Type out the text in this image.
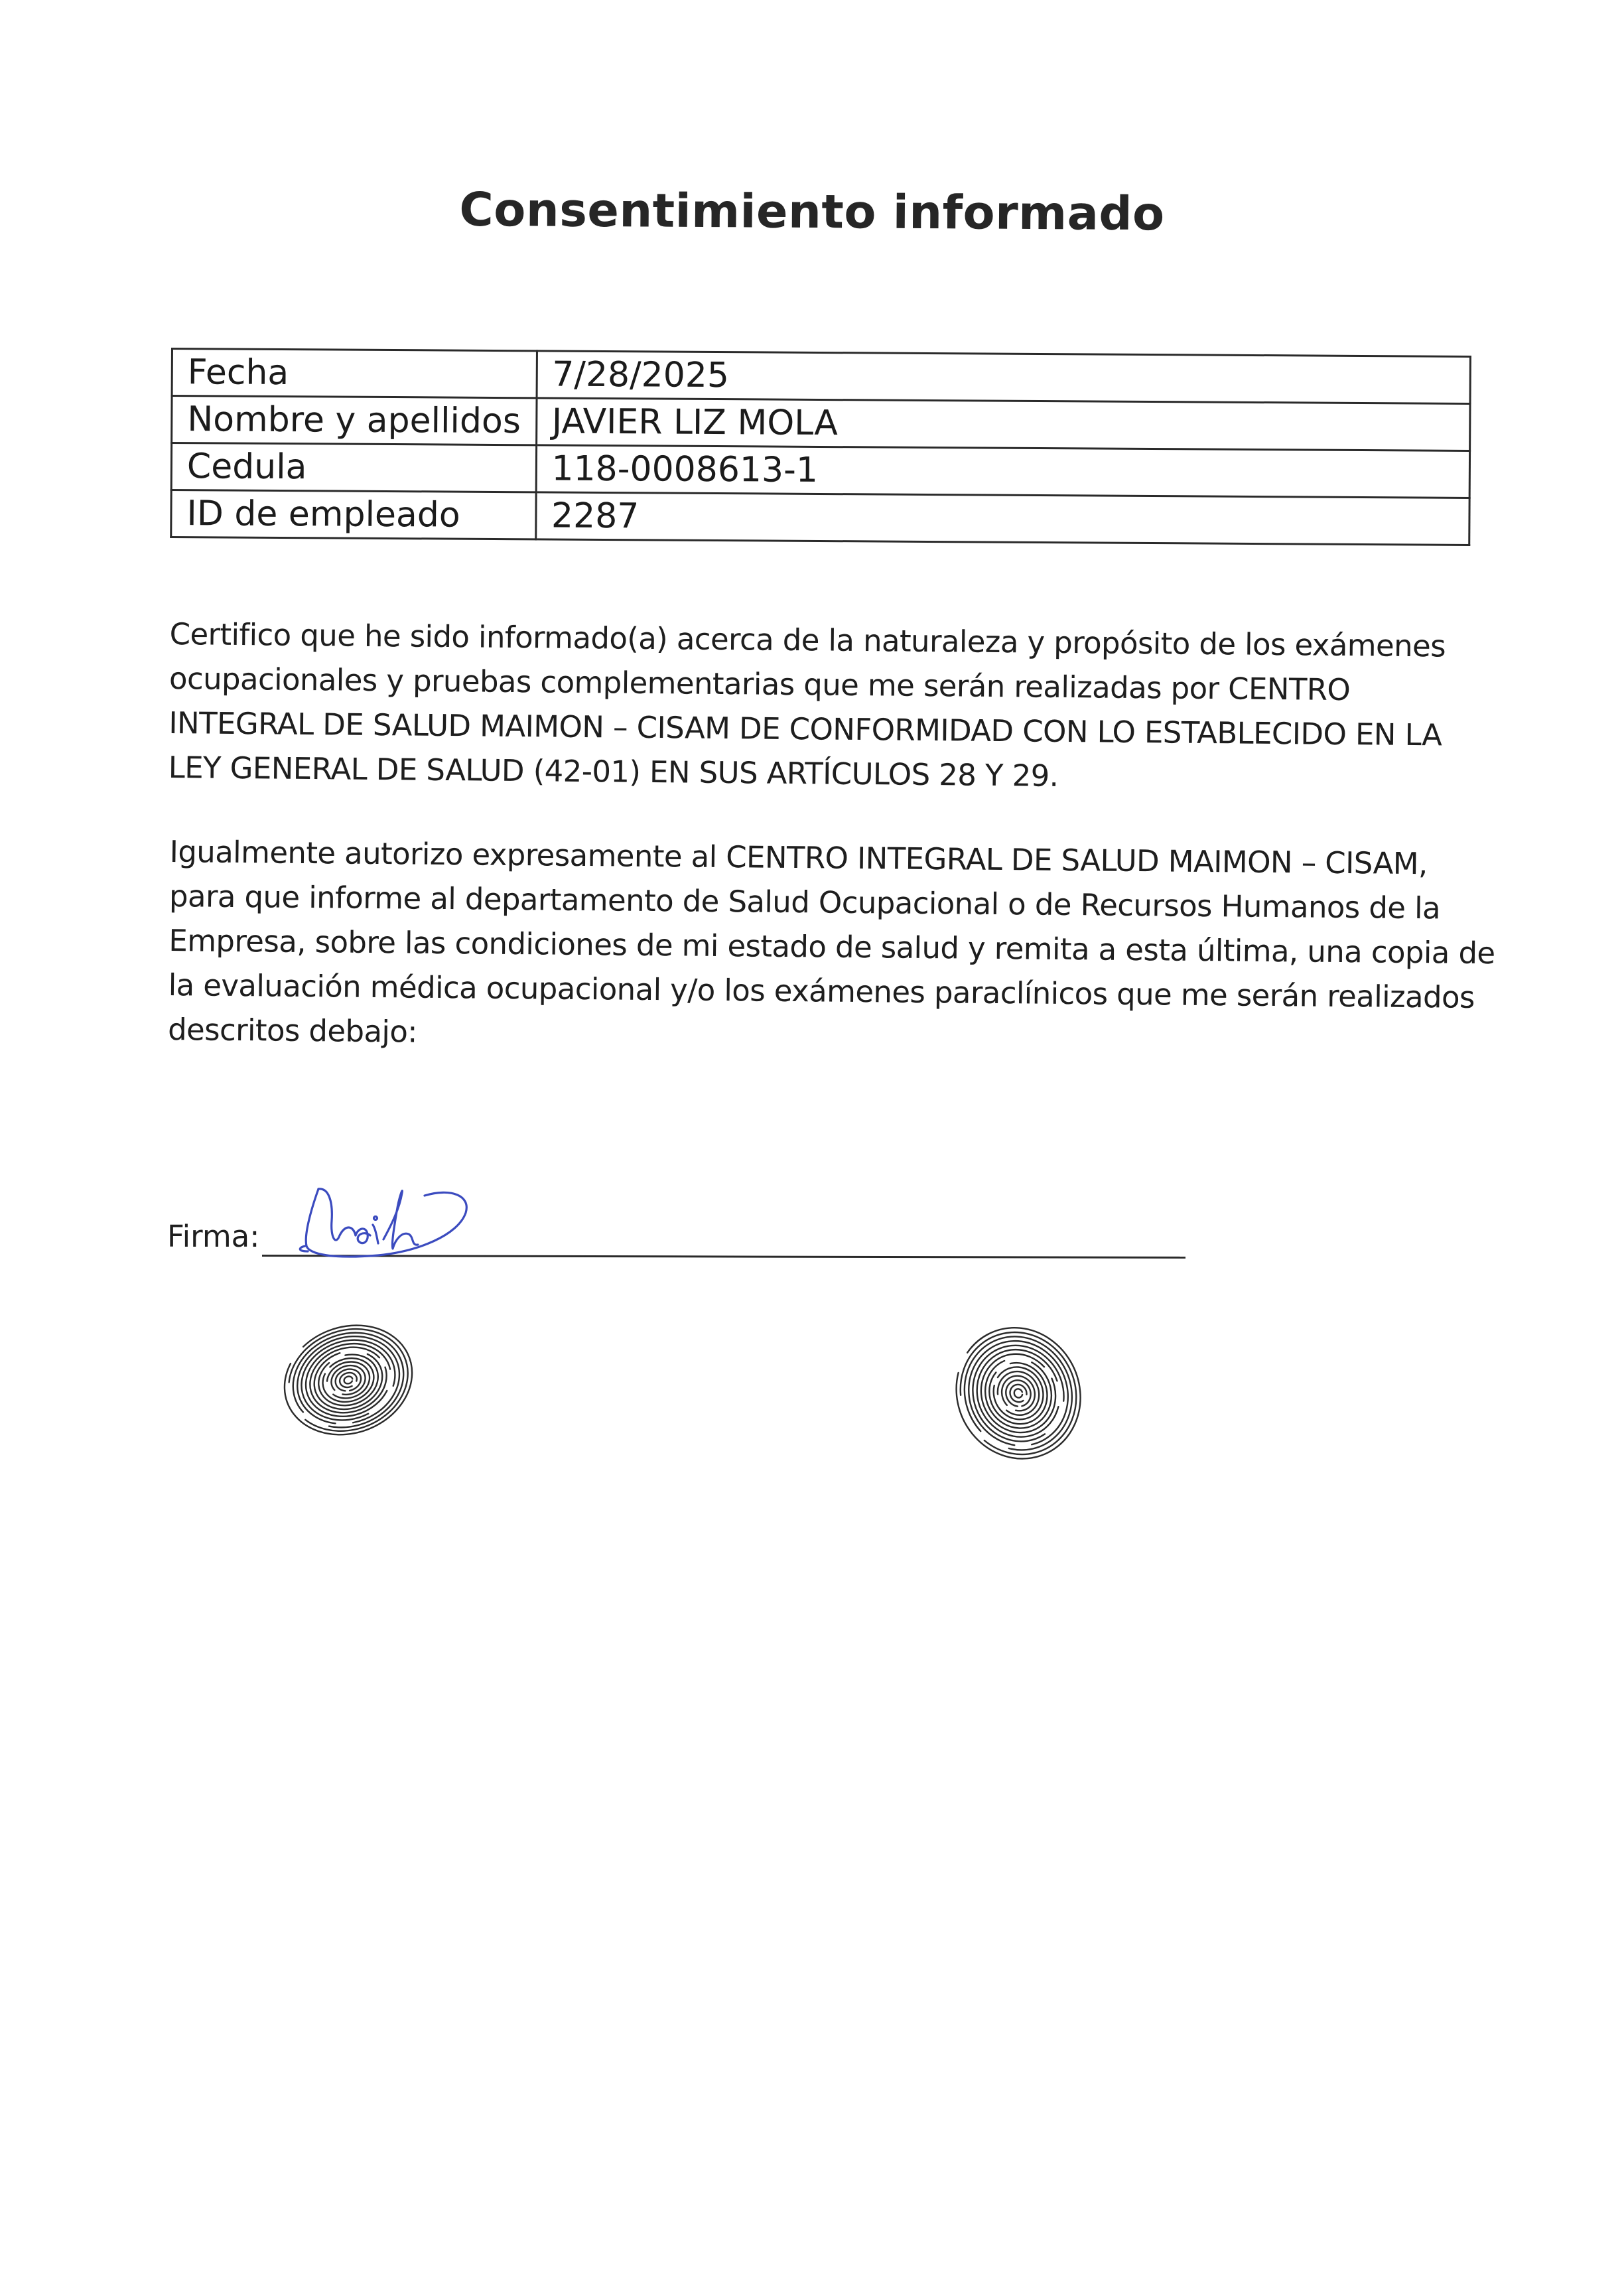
Consentimiento informado
Fecha	7/28/2025
Nombre y apellidos	JAVIER LIZ MOLA
Cedula	118-0008613-1
ID de empleado	2287
Certifico que he sido informado(a) acerca de la naturaleza y propósito de los exámenes
ocupacionales y pruebas complementarias que me serán realizadas por CENTRO
INTEGRAL DE SALUD MAIMON – CISAM DE CONFORMIDAD CON LO ESTABLECIDO EN LA
LEY GENERAL DE SALUD (42-01) EN SUS ARTÍCULOS 28 Y 29.
Igualmente autorizo expresamente al CENTRO INTEGRAL DE SALUD MAIMON – CISAM,
para que informe al departamento de Salud Ocupacional o de Recursos Humanos de la
Empresa, sobre las condiciones de mi estado de salud y remita a esta última, una copia de
la evaluación médica ocupacional y/o los exámenes paraclínicos que me serán realizados
descritos debajo:
Firma:
